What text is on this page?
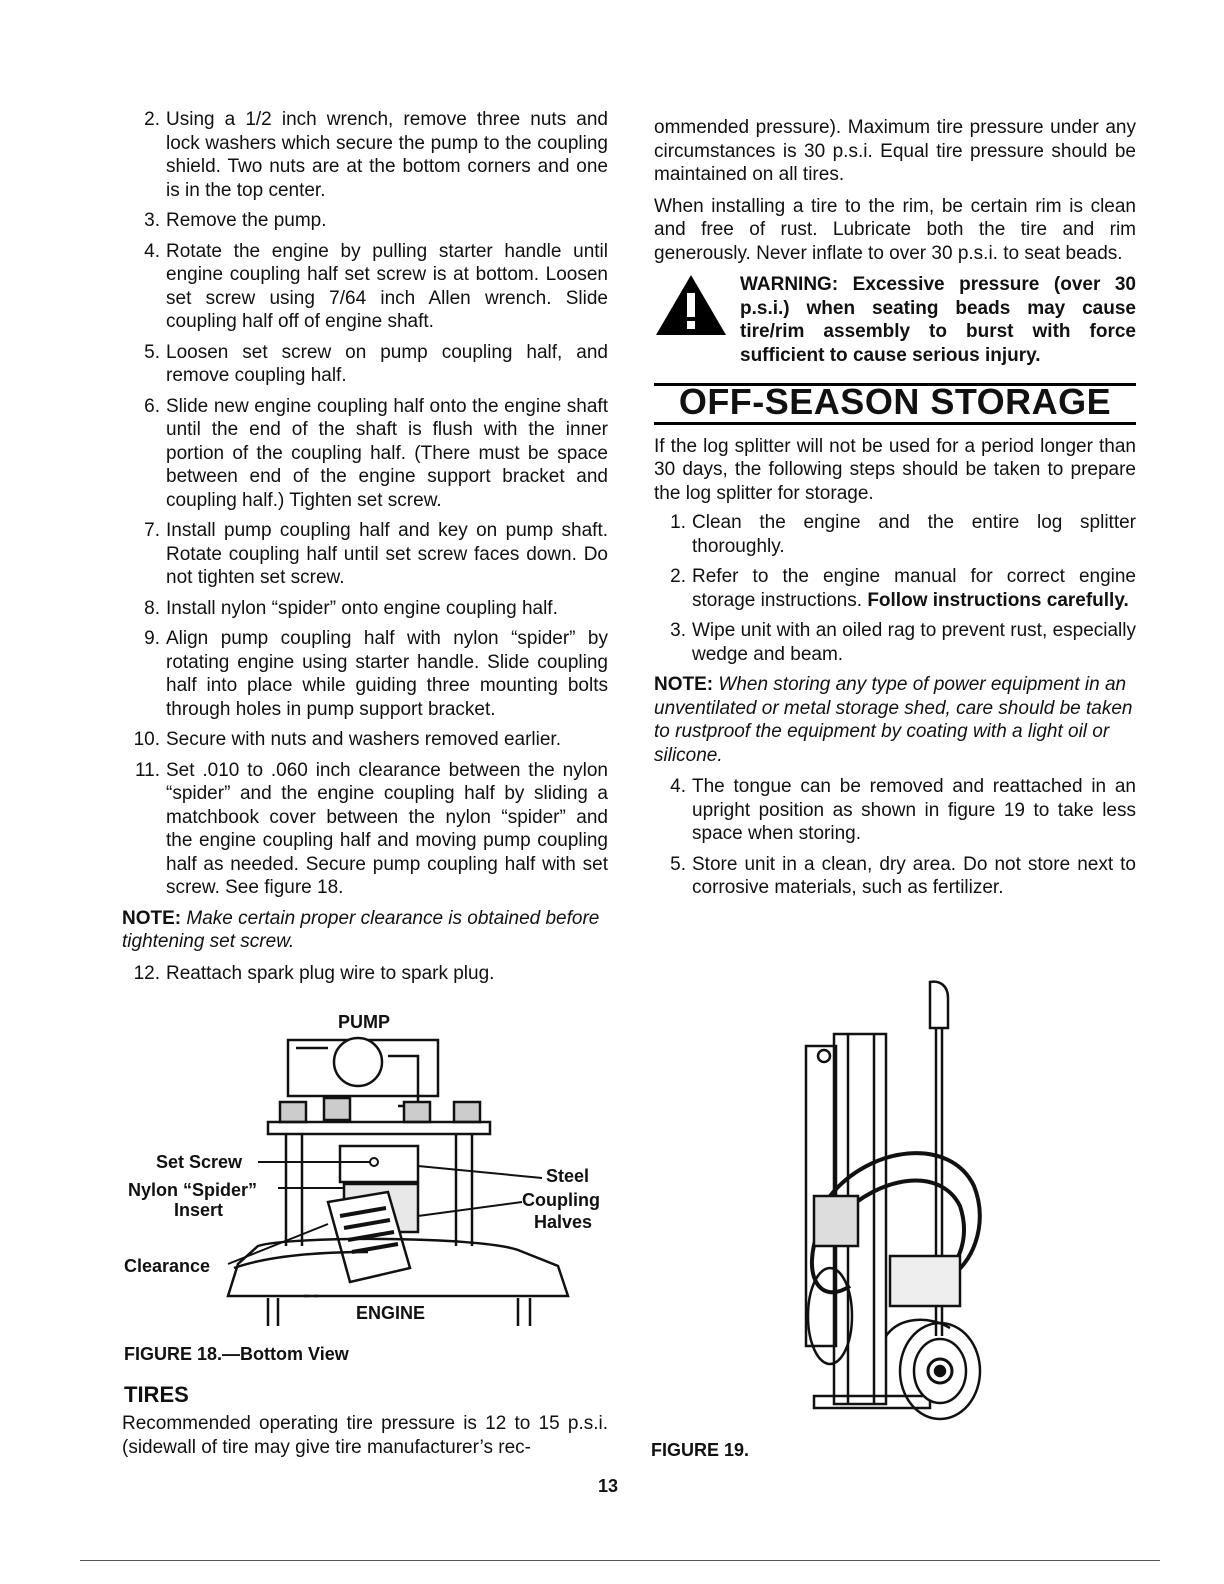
2. Using a 1/2 inch wrench, remove three nuts and lock washers which secure the pump to the coupling shield. Two nuts are at the bottom corners and one is in the top center.
3. Remove the pump.
4. Rotate the engine by pulling starter handle until engine coupling half set screw is at bottom. Loosen set screw using 7/64 inch Allen wrench. Slide coupling half off of engine shaft.
5. Loosen set screw on pump coupling half, and remove coupling half.
6. Slide new engine coupling half onto the engine shaft until the end of the shaft is flush with the inner portion of the coupling half. (There must be space between end of the engine support bracket and coupling half.) Tighten set screw.
7. Install pump coupling half and key on pump shaft. Rotate coupling half until set screw faces down. Do not tighten set screw.
8. Install nylon “spider” onto engine coupling half.
9. Align pump coupling half with nylon “spider” by rotating engine using starter handle. Slide coupling half into place while guiding three mounting bolts through holes in pump support bracket.
10. Secure with nuts and washers removed earlier.
11. Set .010 to .060 inch clearance between the nylon “spider” and the engine coupling half by sliding a matchbook cover between the nylon “spider” and the engine coupling half and moving pump coupling half as needed. Secure pump coupling half with set screw. See figure 18.

NOTE: Make certain proper clearance is obtained before tightening set screw.

12. Reattach spark plug wire to spark plug.
PUMP
Set Screw
Nylon “Spider”
Insert
Steel
Coupling
Halves
Clearance
ENGINE
FIGURE 18.—Bottom View
TIRES

Recommended operating tire pressure is 12 to 15 p.s.i. (sidewall of tire may give tire manufacturer’s rec-

ommended pressure). Maximum tire pressure under any circumstances is 30 p.s.i. Equal tire pressure should be maintained on all tires.

When installing a tire to the rim, be certain rim is clean and free of rust. Lubricate both the tire and rim generously. Never inflate to over 30 p.s.i. to seat beads.

WARNING: Excessive pressure (over 30 p.s.i.) when seating beads may cause tire/rim assembly to burst with force sufficient to cause serious injury.
OFF-SEASON STORAGE

If the log splitter will not be used for a period longer than 30 days, the following steps should be taken to prepare the log splitter for storage.

1. Clean the engine and the entire log splitter thoroughly.
2. Refer to the engine manual for correct engine storage instructions. Follow instructions carefully.
3. Wipe unit with an oiled rag to prevent rust, especially wedge and beam.

NOTE: When storing any type of power equipment in an unventilated or metal storage shed, care should be taken to rustproof the equipment by coating with a light oil or silicone.

4. The tongue can be removed and reattached in an upright position as shown in figure 19 to take less space when storing.
5. Store unit in a clean, dry area. Do not store next to corrosive materials, such as fertilizer.
FIGURE 19.
13
